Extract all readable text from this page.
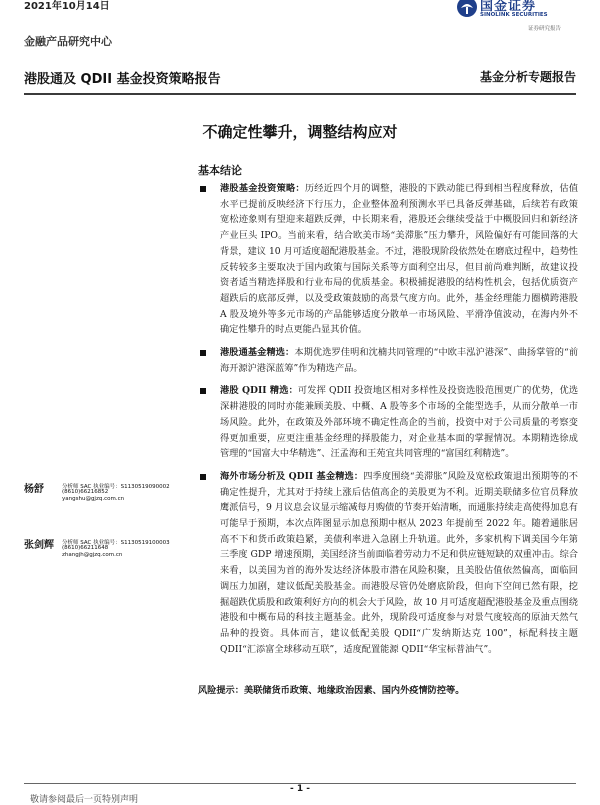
2021年10月14日
金融产品研究中心
国金证券
SINOLINK SECURITIES
证券研究报告
港股通及 QDII 基金投资策略报告	基金分析专题报告
不确定性攀升，调整结构应对
杨舒	分析师 SAC 执业编号：S1130519090002
(8610)66216852
yangshu@gjzq.com.cn
张剑辉 分析师 SAC 执业编号：S1130519100003
(8610)66211648
zhangjh@gjzq.com.cn
基本结论
港股基金投资策略：历经近四个月的调整，港股的下跌动能已得到相当程度释放，估值水平已提前反映经济下行压力，企业整体盈利预测水平已具备反弹基础，后续若有政策宽松迹象则有望迎来超跌反弹，中长期来看，港股还会继续受益于中概股回归和新经济产业巨头 IPO。当前来看，结合欧美市场“美滞胀”压力攀升，风险偏好有可能回落的大背景，建议 10 月可适度超配港股基金。不过，港股现阶段依然处在磨底过程中，趋势性反转较多主要取决于国内政策与国际关系等方面利空出尽，但目前尚难判断，故建议投资者适当精选择股和行业布局的优质基金。积极捕捉港股的结构性机会，包括优质资产超跌后的底部反弹，以及受政策鼓励的高景气度方向。此外，基金经理能力圈横跨港股 A 股及境外等多元市场的产品能够适度分散单一市场风险、平滑净值波动，在海内外不确定性攀升的时点更能凸显其价值。
港股通基金精选：本期优选罗佳明和沈楠共同管理的“中欧丰泓沪港深”、曲扬掌管的“前海开源沪港深蓝筹”作为精选产品。
港股 QDII 精选：可发挥 QDII 投资地区相对多样性及投资选股范围更广的优势，优选深耕港股的同时亦能兼顾美股、中概、A 股等多个市场的全能型选手，从而分散单一市场风险。此外，在政策及外部环境不确定性高企的当前，投资中对于公司质量的考察变得更加重要，应更注重基金经理的择股能力，对企业基本面的掌握情况。本期精选徐成管理的“国富大中华精选”、汪孟海和王苑宜共同管理的“富国红利精选”。
海外市场分析及 QDII 基金精选：四季度围绕“美滞胀”风险及宽松政策退出预期等的不确定性提升，尤其对于持续上涨后估值高企的美股更为不利。近期美联储多位官员释放鹰派信号，9 月议息会议显示缩减每月购债的节奏开始清晰，而通胀持续走高使得加息有可能早于预期，本次点阵图显示加息预期中枢从 2023 年提前至 2022 年。随着通胀居高不下和货币政策趋紧，美债利率进入急剧上升轨道。此外，多家机构下调美国今年第三季度 GDP 增速预期，美国经济当前面临着劳动力不足和供应链短缺的双重冲击。综合来看，以美国为首的海外发达经济体股市潜在风险积聚，且美股估值依然偏高，面临回调压力加剧，建议低配美股基金。而港股尽管仍处磨底阶段，但向下空间已然有限，挖掘超跌优质股和政策利好方向的机会大于风险，故 10 月可适度超配港股基金及重点围绕港股和中概布局的科技主题基金。此外，现阶段可适度参与对景气度较高的原油天然气品种的投资。具体而言，建议低配美股 QDII“广发纳斯达克 100”，标配科技主题 QDII“汇添富全球移动互联”，适度配置能源 QDII“华宝标普油气”。
风险提示：美联储货币政策、地缘政治因素、国内外疫情防控等。
- 1 -
敬请参阅最后一页特别声明
